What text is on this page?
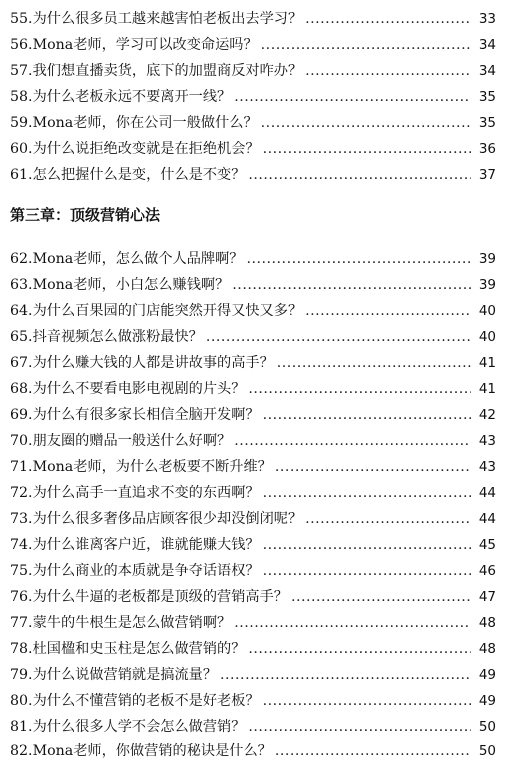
55.为什么很多员工越来越害怕老板出去学习？ .....	33
56.Mona老师，学习可以改变命运吗？ .....	34
57.我们想直播卖货，底下的加盟商反对咋办？ .....	34
58.为什么老板永远不要离开一线？ .....	35
59.Mona老师，你在公司一般做什么？ .....	35
60.为什么说拒绝改变就是在拒绝机会？ .....	36
61.怎么把握什么是变，什么是不变？ .....	37
第三章：顶级营销心法
62.Mona老师，怎么做个人品牌啊？ .....	39
63.Mona老师，小白怎么赚钱啊？ .....	39
64.为什么百果园的门店能突然开得又快又多？ .....	40
65.抖音视频怎么做涨粉最快？ .....	40
67.为什么赚大钱的人都是讲故事的高手？ .....	41
68.为什么不要看电影电视剧的片头？ .....	41
69.为什么有很多家长相信全脑开发啊？ .....	42
70.朋友圈的赠品一般送什么好啊？ .....	43
71.Mona老师，为什么老板要不断升维？ .....	43
72.为什么高手一直追求不变的东西啊？ .....	44
73.为什么很多奢侈品店顾客很少却没倒闭呢？ .....	44
74.为什么谁离客户近，谁就能赚大钱？ .....	45
75.为什么商业的本质就是争夺话语权？ .....	46
76.为什么牛逼的老板都是顶级的营销高手？ .....	47
77.蒙牛的牛根生是怎么做营销啊？ .....	48
78.杜国楹和史玉柱是怎么做营销的？ .....	48
79.为什么说做营销就是搞流量？ .....	49
80.为什么不懂营销的老板不是好老板？ .....	49
81.为什么很多人学不会怎么做营销？ .....	50
82.Mona老师，你做营销的秘诀是什么？ .....	50
